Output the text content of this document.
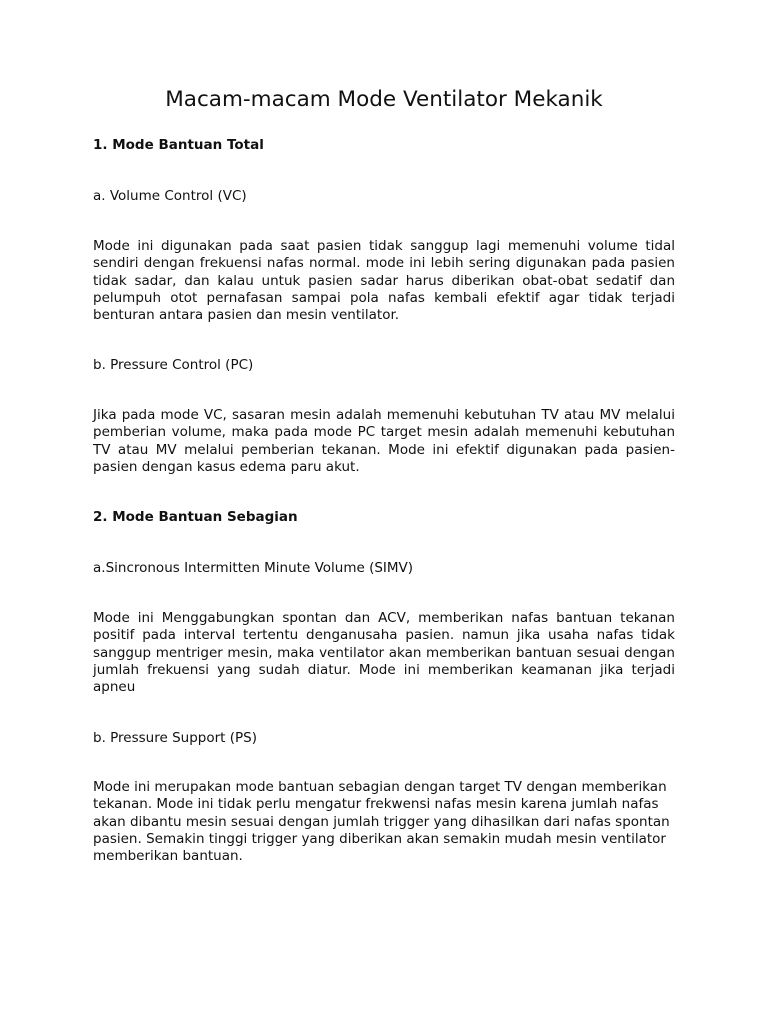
Macam-macam Mode Ventilator Mekanik
1. Mode Bantuan Total
a. Volume Control (VC)
Mode ini digunakan pada saat pasien tidak sanggup lagi memenuhi volume tidal sendiri dengan frekuensi nafas normal. mode ini lebih sering digunakan pada pasien tidak sadar, dan kalau untuk pasien sadar harus diberikan obat-obat sedatif dan pelumpuh otot pernafasan sampai pola nafas kembali efektif agar tidak terjadi benturan antara pasien dan mesin ventilator.
b. Pressure Control (PC)
Jika pada mode VC, sasaran mesin adalah memenuhi kebutuhan TV atau MV melalui pemberian volume, maka pada mode PC target mesin adalah memenuhi kebutuhan TV atau MV melalui pemberian tekanan. Mode ini efektif digunakan pada pasien-pasien dengan kasus edema paru akut.
2. Mode Bantuan Sebagian
a.Sincronous Intermitten Minute Volume (SIMV)
Mode ini Menggabungkan spontan dan ACV, memberikan nafas bantuan tekanan positif pada interval tertentu denganusaha pasien. namun jika usaha nafas tidak sanggup mentriger mesin, maka ventilator akan memberikan bantuan sesuai dengan jumlah frekuensi yang sudah diatur. Mode ini memberikan keamanan jika terjadi apneu
b. Pressure Support (PS)
Mode ini merupakan mode bantuan sebagian dengan target TV dengan memberikan tekanan. Mode ini tidak perlu mengatur frekwensi nafas mesin karena jumlah nafas akan dibantu mesin sesuai dengan jumlah trigger yang dihasilkan dari nafas spontan pasien. Semakin tinggi trigger yang diberikan akan semakin mudah mesin ventilator memberikan bantuan.
